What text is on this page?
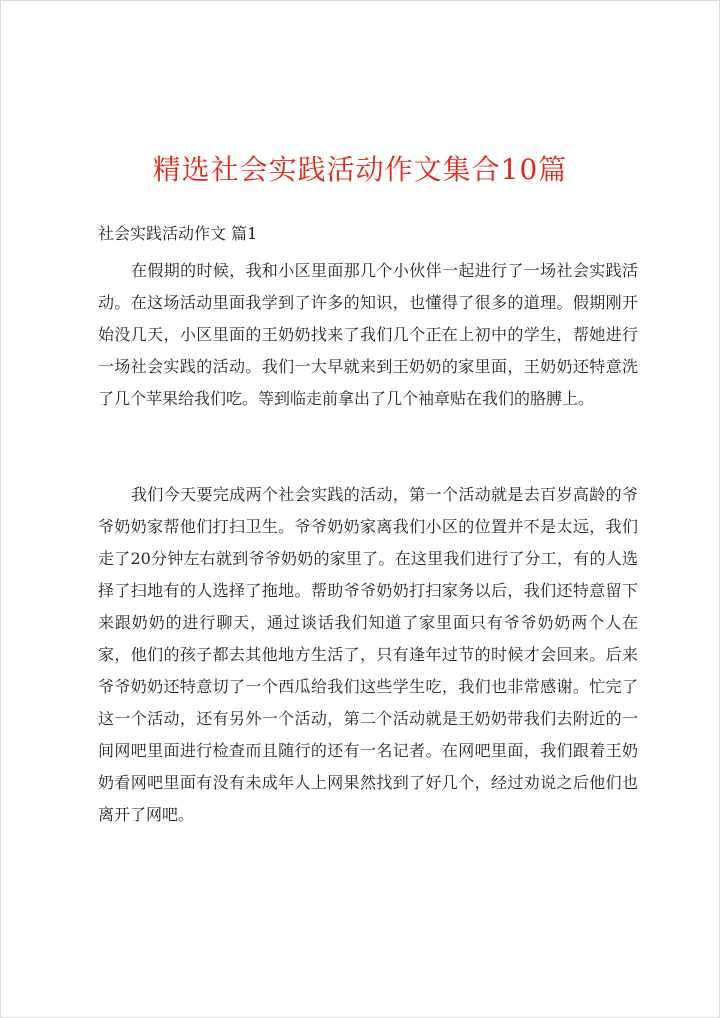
精选社会实践活动作文集合10篇

社会实践活动作文 篇1

在假期的时候，我和小区里面那几个小伙伴一起进行了一场社会实践活动。在这场活动里面我学到了许多的知识，也懂得了很多的道理。假期刚开始没几天，小区里面的王奶奶找来了我们几个正在上初中的学生，帮她进行一场社会实践的活动。我们一大早就来到王奶奶的家里面，王奶奶还特意洗了几个苹果给我们吃。等到临走前拿出了几个袖章贴在我们的胳膊上。

我们今天要完成两个社会实践的活动，第一个活动就是去百岁高龄的爷爷奶奶家帮他们打扫卫生。爷爷奶奶家离我们小区的位置并不是太远，我们走了20分钟左右就到爷爷奶奶的家里了。在这里我们进行了分工，有的人选择了扫地有的人选择了拖地。帮助爷爷奶奶打扫家务以后，我们还特意留下来跟奶奶的进行聊天，通过谈话我们知道了家里面只有爷爷奶奶两个人在家，他们的孩子都去其他地方生活了，只有逢年过节的时候才会回来。后来爷爷奶奶还特意切了一个西瓜给我们这些学生吃，我们也非常感谢。忙完了这一个活动，还有另外一个活动，第二个活动就是王奶奶带我们去附近的一间网吧里面进行检查而且随行的还有一名记者。在网吧里面，我们跟着王奶奶看网吧里面有没有未成年人上网果然找到了好几个，经过劝说之后他们也离开了网吧。
